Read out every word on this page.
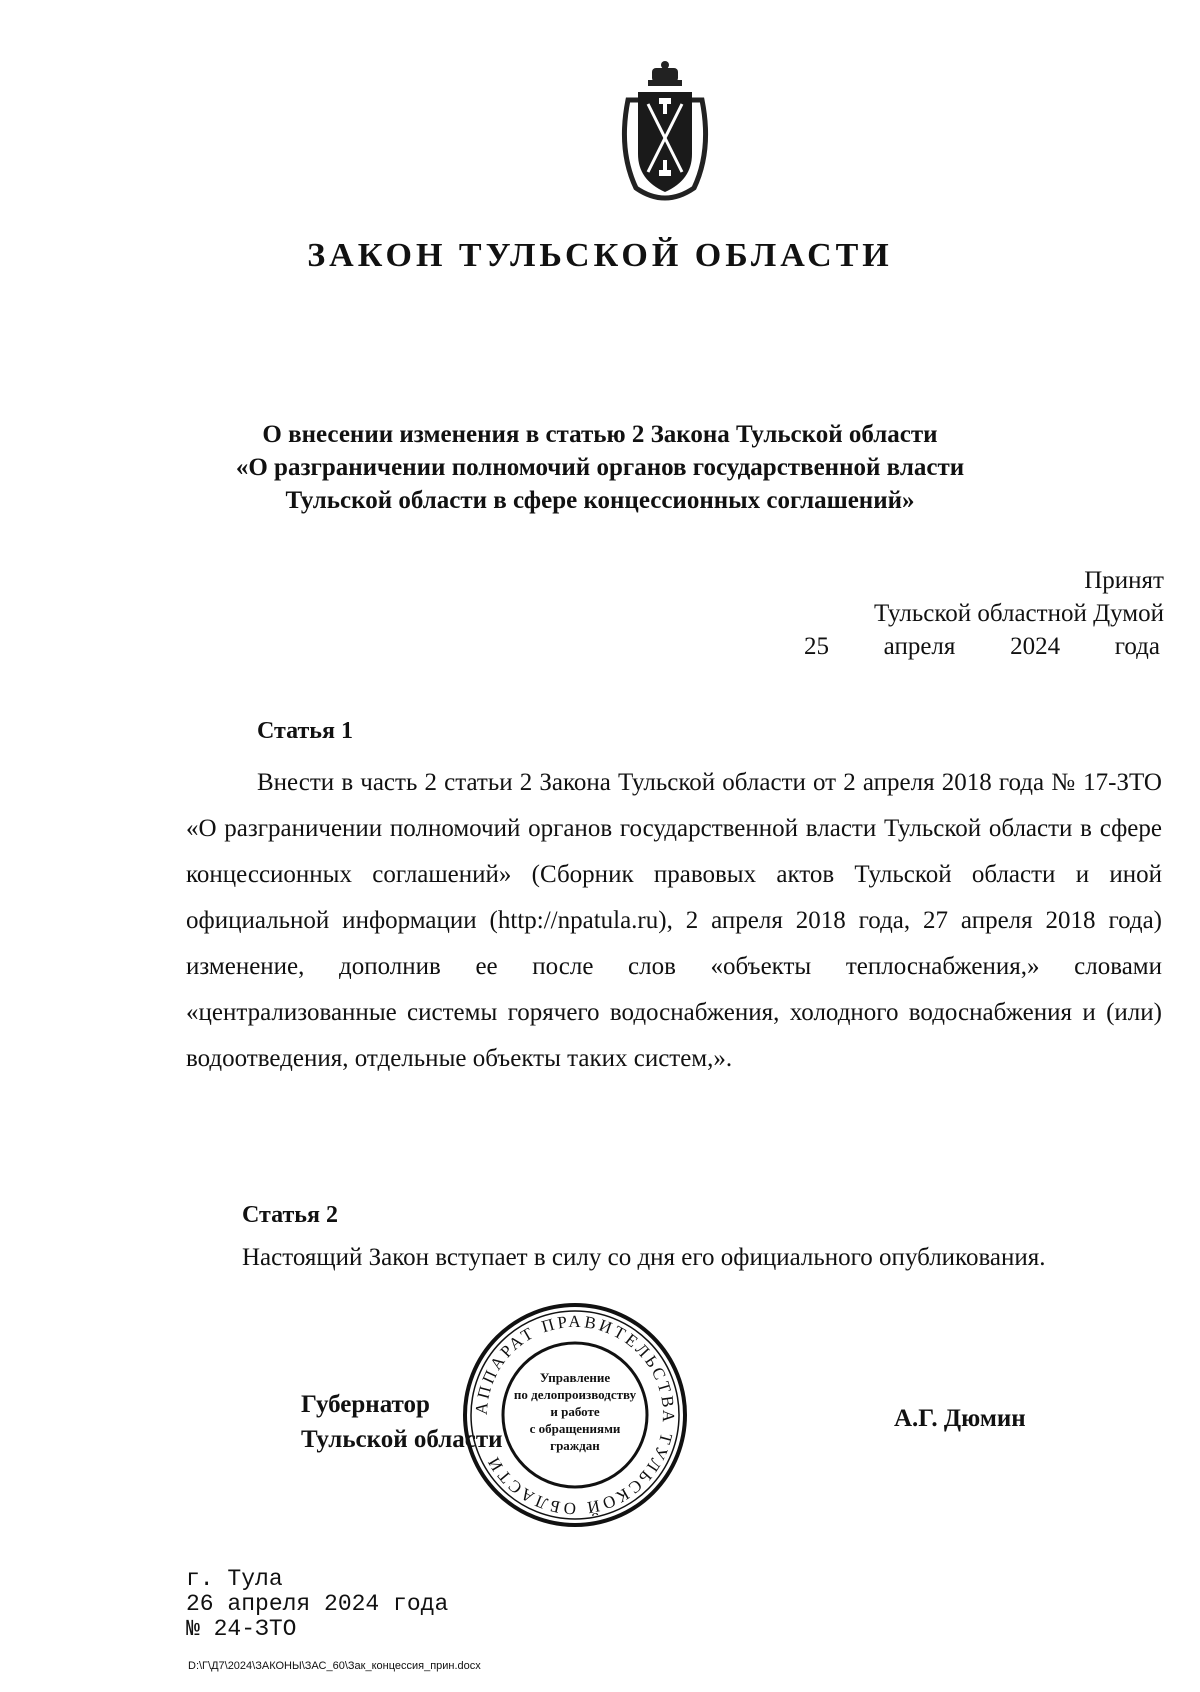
ЗАКОН ТУЛЬСКОЙ ОБЛАСТИ
О внесении изменения в статью 2 Закона Тульской области
«О разграничении полномочий органов государственной власти
Тульской области в сфере концессионных соглашений»
Принят
Тульской областной Думой
25 апреля 2024 года
Статья 1
Внести в часть 2 статьи 2 Закона Тульской области от 2 апреля 2018 года № 17-ЗТО «О разграничении полномочий органов государственной власти Тульской области в сфере концессионных соглашений» (Сборник правовых актов Тульской области и иной официальной информации (http://npatula.ru), 2 апреля 2018 года, 27 апреля 2018 года) изменение, дополнив ее после слов «объекты теплоснабжения,» словами «централизованные системы горячего водоснабжения, холодного водоснабжения и (или) водоотведения, отдельные объекты таких систем,».
Статья 2
Настоящий Закон вступает в силу со дня его официального опубликования.
Губернатор
Тульской области
А.Г. Дюмин
АППАРАТ ПРАВИТЕЛЬСТВА ТУЛЬСКОЙ ОБЛАСТИ
Управление
по делопроизводству
и работе
с обращениями
граждан
г. Тула
26 апреля 2024 года
№ 24-ЗТО
D:\Г\Д7\2024\ЗАКОНЫ\ЗАС_60\Зак_концессия_прин.docx
